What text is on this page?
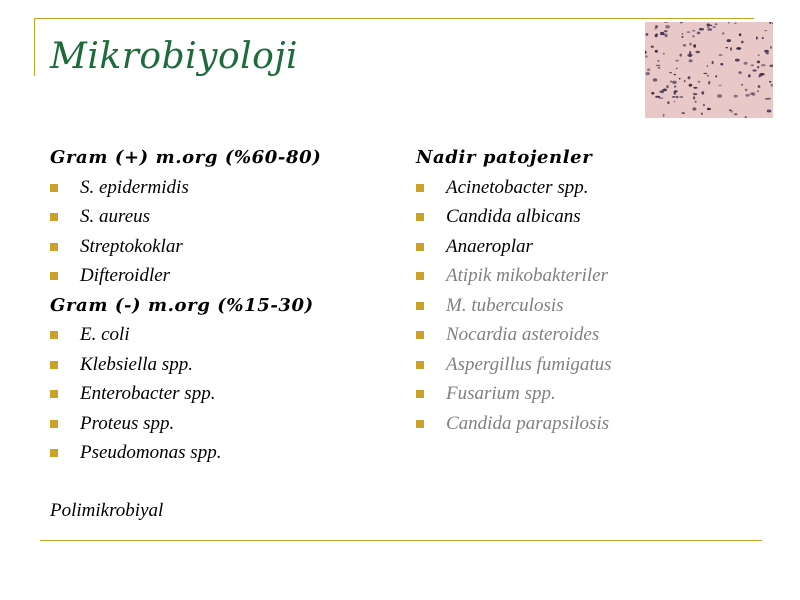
Mikrobiyoloji
Gram (+) m.org (%60-80)
S. epidermidis
S. aureus
Streptokoklar
Difteroidler
Gram (-) m.org (%15-30)
E. coli
Klebsiella spp.
Enterobacter spp.
Proteus spp.
Pseudomonas spp.
Polimikrobiyal
Nadir patojenler
Acinetobacter spp.
Candida albicans
Anaeroplar
Atipik mikobakteriler
M. tuberculosis
Nocardia asteroides
Aspergillus fumigatus
Fusarium spp.
Candida parapsilosis
